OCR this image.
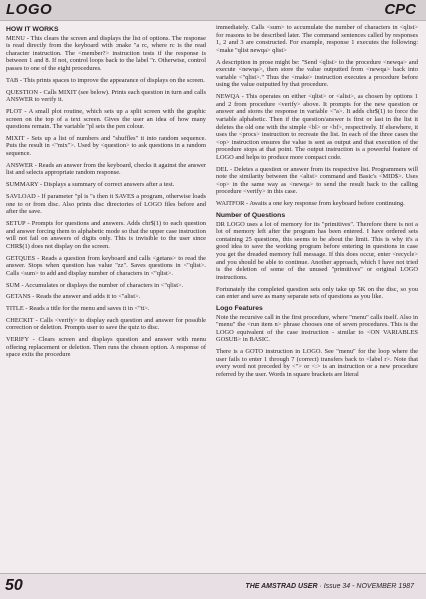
LOGO	CPC
HOW IT WORKS

MENU - This clears the screen and displays the list of options. The response is read directly from the keyboard with :make "a rc, where rc is the read character instruction. The <member?> instruction tests if the response is between 1 and 8. If not, control loops back to the label "r. Otherwise, control passes to one of the eight procedures.

TAB - This prints spaces to improve the appearance of displays on the screen.

QUESTION - Calls MIXIT (see below). Prints each question in turn and calls ANSWER to verify it.

PLOT - A small plot routine, which sets up a split screen with the graphic screen on the top of a text screen. Gives the user an idea of how many questions remain. The variable "pl sets the pen colour.

MIXIT - Sets up a list of numbers and "shuffles" it into random sequence. Puts the result in <"mix">. Used by <question> to ask questions in a random sequence.

ANSWER - Reads an answer from the keyboard, checks it against the answer list and selects appropriate random response.

SUMMARY - Displays a summary of correct answers after a test.

SAVLOAD - If parameter "pl is "s then it SAVES a program, otherwise loads one to or from disc. Also prints disc directories of LOGO files before and after the save.

SETUP - Prompts for questions and answers. Adds chr$(1) to each question and answer forcing them to alphabetic mode so that the upper case instruction will not fail on answers of digits only. This is invisible to the user since CHR$(1) does not display on the screen.

GETQUES - Reads a question from keyboard and calls <getans> to read the answer. Stops when question has value "zz". Saves questions in <"qlist>. Calls <sum> to add and display number of characters in <"qlist>.

SUM - Accumulates or displays the number of characters in <"qlist>.

GETANS - Reads the answer and adds it to <"alist>.

TITLE - Reads a title for the menu and saves it in <"tt>.

CHECKIT - Calls <verify> to display each question and answer for possible correction or deletion. Prompts user to save the quiz to disc.

VERIFY - Clears screen and displays question and answer with menu offering replacement or deletion. Then runs the chosen option. A response of space exits the procedure

immediately. Calls <sum> to accumulate the number of characters in <qlist> for reasons to be described later. The command sentences called by responses 1, 2 and 3 are constructed. For example, response 1 executes the following: <make "qlist newqa> qlist>

A description in prose might be: "Send <qlist> to the procedure <newqa> and execute <newqa>, then store the value outputted from <newqa> back into variable <"qlist>." Thus the <make> instruction executes a procedure before using the value outputted by that procedure.

NEWQA - This operates on either <qlist> or <alist>, as chosen by options 1 and 2 from procedure <verify> above. It prompts for the new question or answer and stores the response in variable <"a>. It adds chr$(1) to force the variable alphabetic. Then if the question/answer is first or last in the list it deletes the old one with the simple <bl> or <bf>, respectively. If elsewhere, it uses the <procs> instruction to recreate the list. In each of the three cases the <op> instruction ensures the value is sent as output and that execution of the procedure stops at that point. The output instruction is a powerful feature of LOGO and helps to produce more compact code.

DEL - Deletes a question or answer from its respective list. Programmers will note the similarity between the <alist> command and Basic's <MID$>. Uses <op> in the same way as <newqa> to send the result back to the calling procedure <verify> in this case.

WAITFOR - Awaits a one key response from keyboard before continuing.

Number of Questions

DR LOGO uses a lot of memory for its "primitives". Therefore there is not a lot of memory left after the program has been entered. I have ordered sets containing 25 questions, this seems to be about the limit. This is why it's a good idea to save the working program before entering in questions in case you get the dreaded memory full message. If this does occur, enter <recycle> and you should be able to continue. Another approach, which I have not tried is the deletion of some of the unused "primitives" or original LOGO instructions.

Fortunately the completed question sets only take up 5K on the disc, so you can enter and save as many separate sets of questions as you like.

Logo Features

Note the recursive call in the first procedure, where "menu" calls itself. Also in "menu" the <run item n> phrase chooses one of seven procedures. This is the LOGO equivalent of the case instruction - similar to <ON VARIABLES GOSUB> in BASIC.

There is a GOTO instruction in LOGO. See "menu" for the loop where the user fails to enter 1 through 7 (correct) transfers back to <label r>. Note that every word not preceded by <"> or <:> is an instruction or a new procedure referred by the user. Words in square brackets are literal

50	THE AMSTRAD USER · Issue 34 - NOVEMBER 1987
